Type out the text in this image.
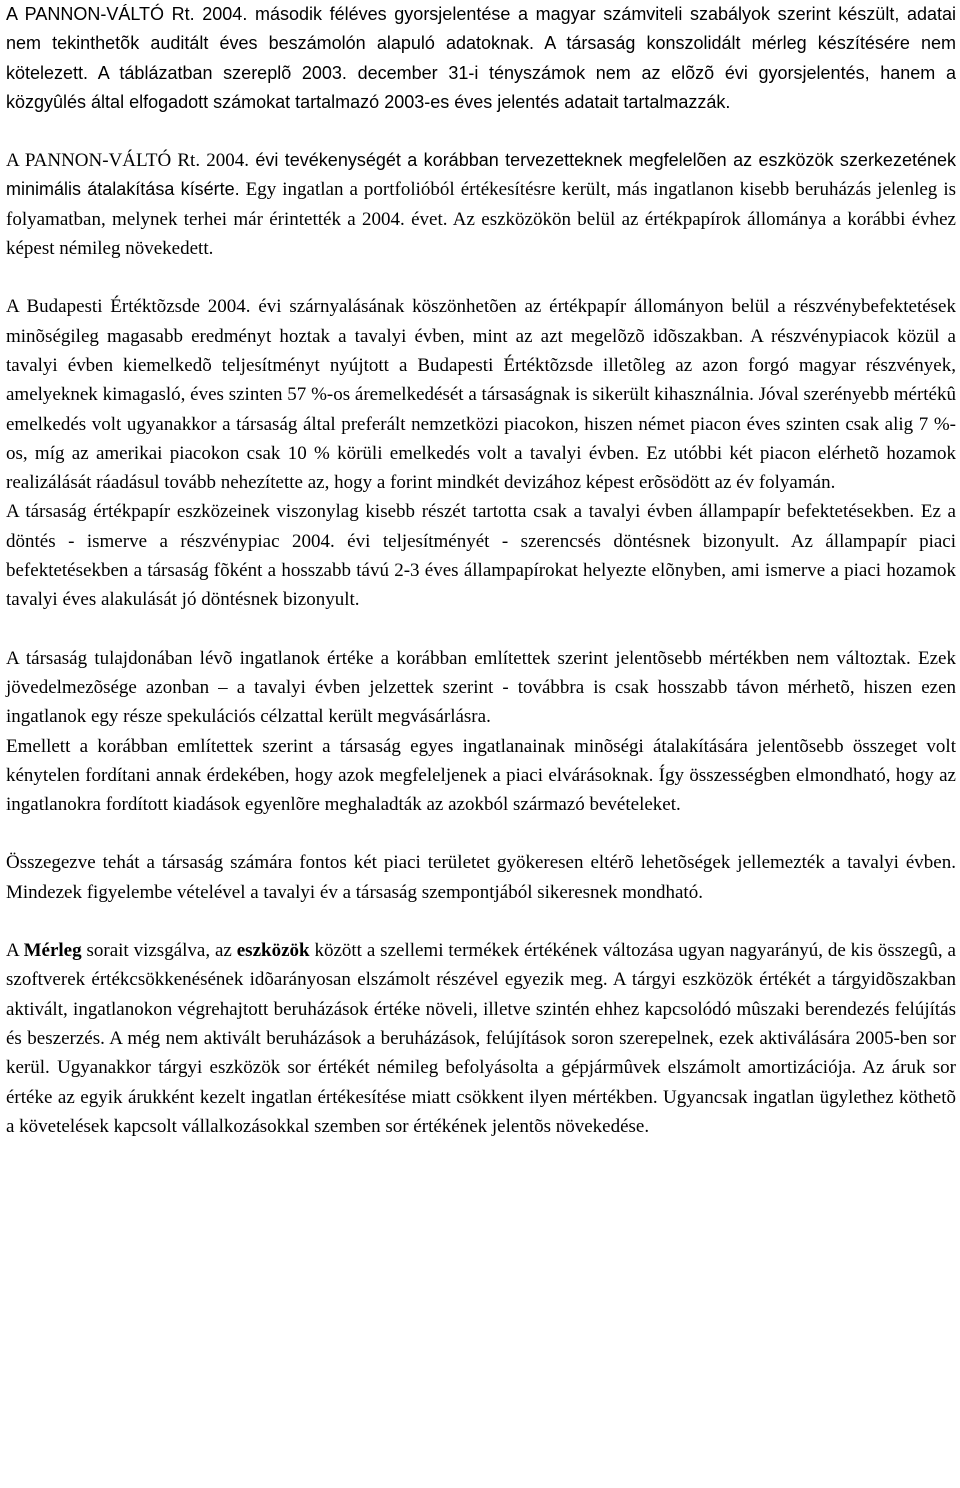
A PANNON-VÁLTÓ Rt. 2004. második féléves gyorsjelentése a magyar számviteli szabályok szerint készült, adatai nem tekinthetõk auditált éves beszámolón alapuló adatoknak. A társaság konszolidált mérleg készítésére nem kötelezett. A táblázatban szereplõ 2003. december 31-i tényszámok nem az elõzõ évi gyorsjelentés, hanem a közgyûlés által elfogadott számokat tartalmazó 2003-es éves jelentés adatait tartalmazzák.

A PANNON-VÁLTÓ Rt. 2004. évi tevékenységét a korábban tervezetteknek megfelelõen az eszközök szerkezetének minimális átalakítása kísérte. Egy ingatlan a portfolióból értékesítésre került, más ingatlanon kisebb beruházás jelenleg is folyamatban, melynek terhei már érintették a 2004. évet. Az eszközökön belül az értékpapírok állománya a korábbi évhez képest némileg növekedett.

A Budapesti Értéktõzsde 2004. évi szárnyalásának köszönhetõen az értékpapír állományon belül a részvénybefektetések minõségileg magasabb eredményt hoztak a tavalyi évben, mint az azt megelõzõ idõszakban. A részvénypiacok közül a tavalyi évben kiemelkedõ teljesítményt nyújtott a Budapesti Értéktõzsde illetõleg az azon forgó magyar részvények, amelyeknek kimagasló, éves szinten 57 %-os áremelkedését a társaságnak is sikerült kihasználnia. Jóval szerényebb mértékû emelkedés volt ugyanakkor a társaság által preferált nemzetközi piacokon, hiszen német piacon éves szinten csak alig 7 %-os, míg az amerikai piacokon csak 10 % körüli emelkedés volt a tavalyi évben. Ez utóbbi két piacon elérhetõ hozamok realizálását ráadásul tovább nehezítette az, hogy a forint mindkét devizához képest erõsödött az év folyamán.

A társaság értékpapír eszközeinek viszonylag kisebb részét tartotta csak a tavalyi évben állampapír befektetésekben. Ez a döntés - ismerve a részvénypiac 2004. évi teljesítményét - szerencsés döntésnek bizonyult. Az állampapír piaci befektetésekben a társaság fõként a hosszabb távú 2-3 éves állampapírokat helyezte elõnyben, ami ismerve a piaci hozamok tavalyi éves alakulását jó döntésnek bizonyult.

A társaság tulajdonában lévõ ingatlanok értéke a korábban említettek szerint jelentõsebb mértékben nem változtak. Ezek jövedelmezõsége azonban – a tavalyi évben jelzettek szerint - továbbra is csak hosszabb távon mérhetõ, hiszen ezen ingatlanok egy része spekulációs célzattal került megvásárlásra.

Emellett a korábban említettek szerint a társaság egyes ingatlanainak minõségi átalakítására jelentõsebb összeget volt kénytelen fordítani annak érdekében, hogy azok megfeleljenek a piaci elvárásoknak. Így összességben elmondható, hogy az ingatlanokra fordított kiadások egyenlõre meghaladták az azokból származó bevételeket.

Összegezve tehát a társaság számára fontos két piaci területet gyökeresen eltérõ lehetõségek jellemezték a tavalyi évben. Mindezek figyelembe vételével a tavalyi év a társaság szempontjából sikeresnek mondható.

A Mérleg sorait vizsgálva, az eszközök között a szellemi termékek értékének változása ugyan nagyarányú, de kis összegû, a szoftverek értékcsökkenésének idõarányosan elszámolt részével egyezik meg. A tárgyi eszközök értékét a tárgyidõszakban aktivált, ingatlanokon végrehajtott beruházások értéke növeli, illetve szintén ehhez kapcsolódó mûszaki berendezés felújítás és beszerzés. A még nem aktivált beruházások a beruházások, felújítások soron szerepelnek, ezek aktiválására 2005-ben sor kerül. Ugyanakkor tárgyi eszközök sor értékét némileg befolyásolta a gépjármûvek elszámolt amortizációja. Az áruk sor értéke az egyik árukként kezelt ingatlan értékesítése miatt csökkent ilyen mértékben. Ugyancsak ingatlan ügylethez köthetõ a követelések kapcsolt vállalkozásokkal szemben sor értékének jelentõs növekedése.
